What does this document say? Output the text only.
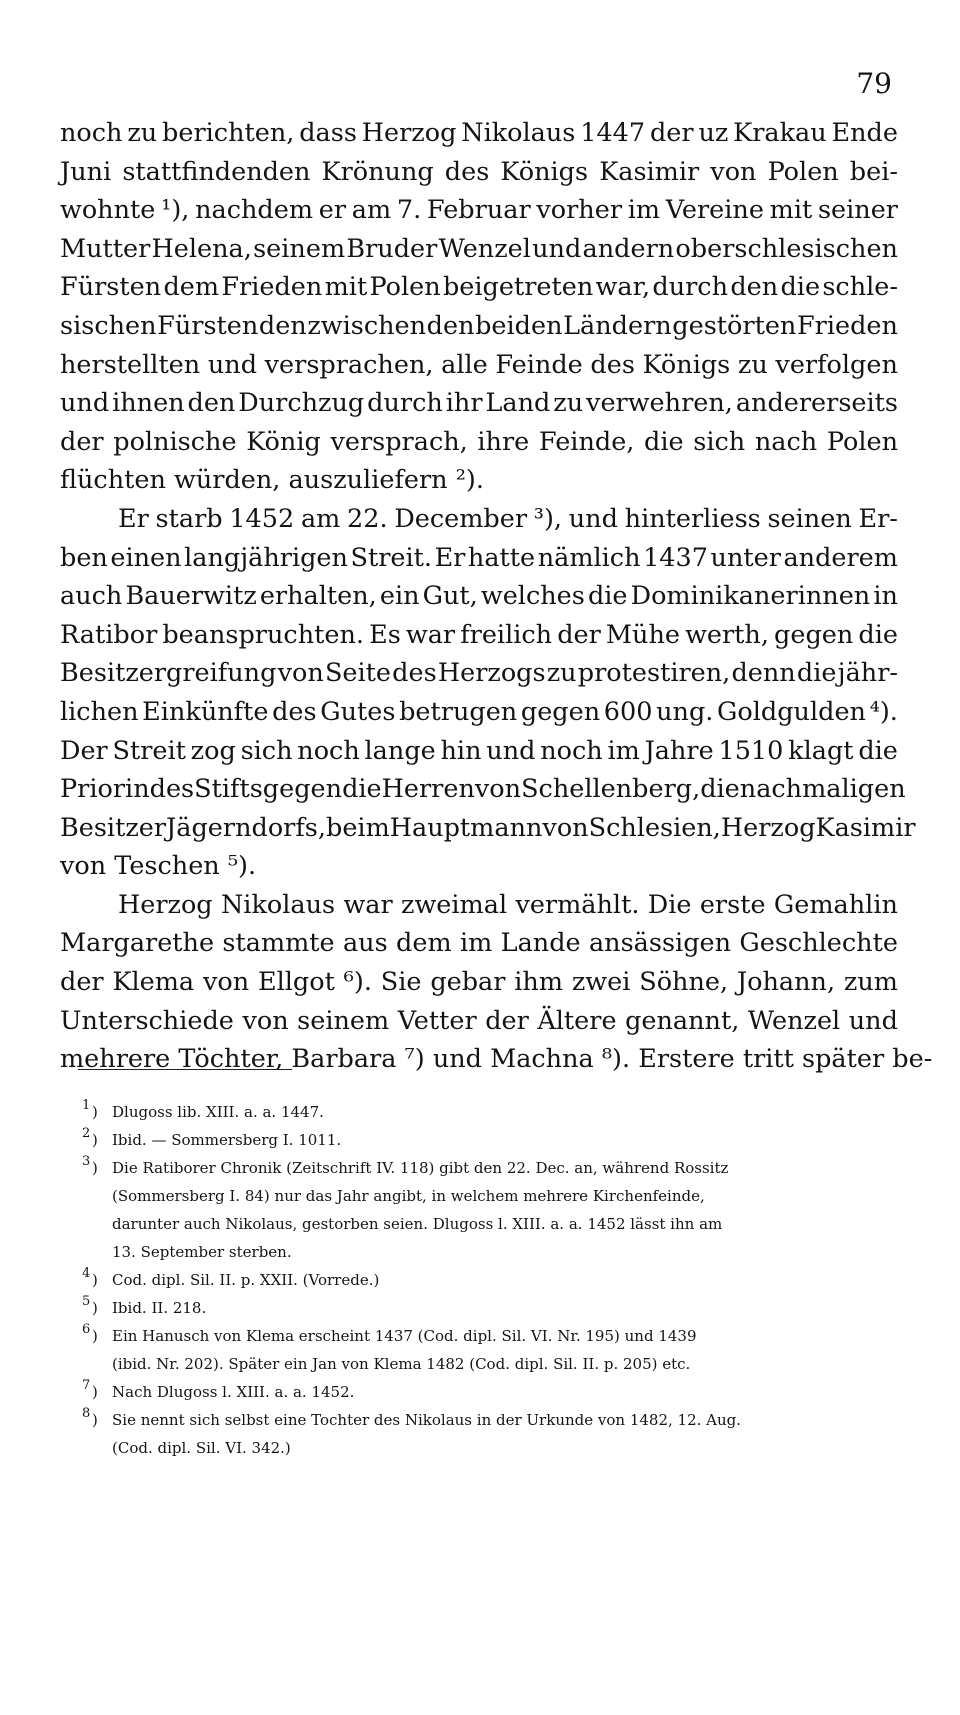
79
noch zu berichten, dass Herzog Nikolaus 1447 der uz Krakau Ende
Juni stattfindenden Krönung des Königs Kasimir von Polen bei-
wohnte ¹), nachdem er am 7. Februar vorher im Vereine mit seiner
Mutter Helena, seinem Bruder Wenzel und andern oberschlesischen
Fürsten dem Frieden mit Polen beigetreten war, durch den die schle-
sischen Fürsten den zwischen den beiden Ländern gestörten Frieden
herstellten und versprachen, alle Feinde des Königs zu verfolgen
und ihnen den Durchzug durch ihr Land zu verwehren, andererseits
der polnische König versprach, ihre Feinde, die sich nach Polen
flüchten würden, auszuliefern ²).
Er starb 1452 am 22. December ³), und hinterliess seinen Er-
ben einen langjährigen Streit. Er hatte nämlich 1437 unter anderem
auch Bauerwitz erhalten, ein Gut, welches die Dominikanerinnen in
Ratibor beanspruchten. Es war freilich der Mühe werth, gegen die
Besitzergreifung von Seite des Herzogs zu protestiren, denn die jähr-
lichen Einkünfte des Gutes betrugen gegen 600 ung. Goldgulden ⁴).
Der Streit zog sich noch lange hin und noch im Jahre 1510 klagt die
Priorin des Stifts gegen die Herren von Schellenberg, die nachmaligen
Besitzer Jägerndorfs, beim Hauptmann von Schlesien, Herzog Kasimir
von Teschen ⁵).
Herzog Nikolaus war zweimal vermählt. Die erste Gemahlin
Margarethe stammte aus dem im Lande ansässigen Geschlechte
der Klema von Ellgot ⁶). Sie gebar ihm zwei Söhne, Johann, zum
Unterschiede von seinem Vetter der Ältere genannt, Wenzel und
mehrere Töchter, Barbara ⁷) und Machna ⁸). Erstere tritt später be-
1 ) Dlugoss lib. XIII. a. a. 1447.
2 ) Ibid. — Sommersberg I. 1011.
3 ) Die Ratiborer Chronik (Zeitschrift IV. 118) gibt den 22. Dec. an, während Rossitz
(Sommersberg I. 84) nur das Jahr angibt, in welchem mehrere Kirchenfeinde,
darunter auch Nikolaus, gestorben seien. Dlugoss l. XIII. a. a. 1452 lässt ihn am
13. September sterben.
4 ) Cod. dipl. Sil. II. p. XXII. (Vorrede.)
5 ) Ibid. II. 218.
6 ) Ein Hanusch von Klema erscheint 1437 (Cod. dipl. Sil. VI. Nr. 195) und 1439
(ibid. Nr. 202). Später ein Jan von Klema 1482 (Cod. dipl. Sil. II. p. 205) etc.
7 ) Nach Dlugoss l. XIII. a. a. 1452.
8 ) Sie nennt sich selbst eine Tochter des Nikolaus in der Urkunde von 1482, 12. Aug.
(Cod. dipl. Sil. VI. 342.)
